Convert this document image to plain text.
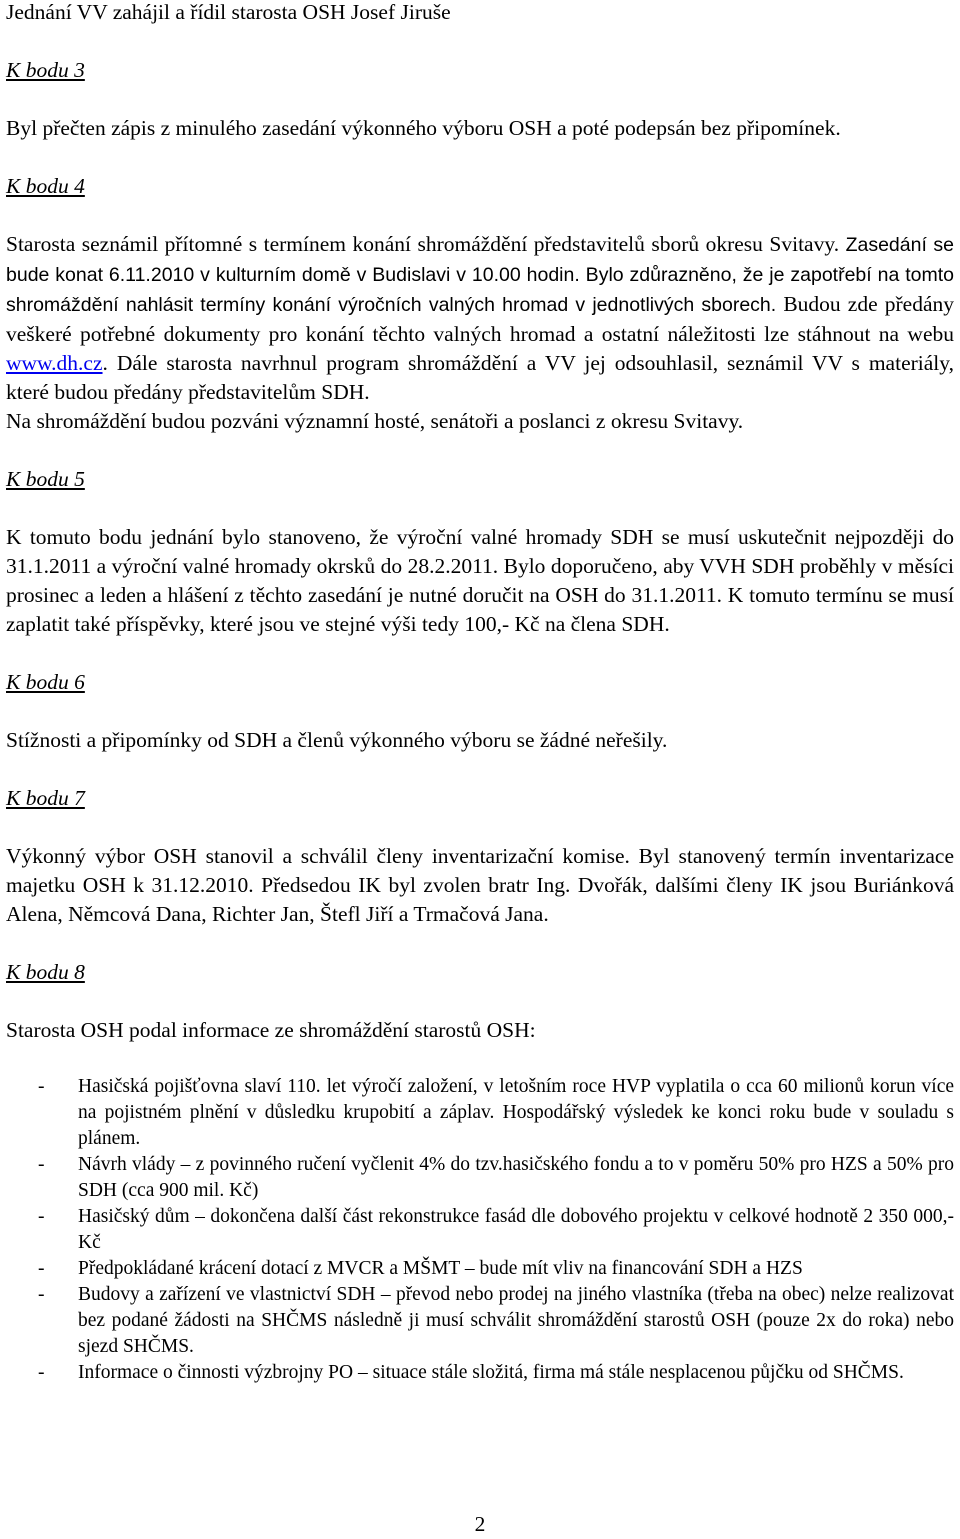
Jednání VV zahájil a řídil starosta OSH Josef Jiruše

K bodu 3

Byl přečten zápis z minulého zasedání výkonného výboru OSH a poté podepsán bez připomínek.

K bodu 4

Starosta seznámil přítomné s termínem konání shromáždění představitelů sborů okresu Svitavy. Zasedání se bude konat 6.11.2010 v kulturním domě v Budislavi v 10.00 hodin. Bylo zdůrazněno, že je zapotřebí na tomto shromáždění nahlásit termíny konání výročních valných hromad v jednotlivých sborech. Budou zde předány veškeré potřebné dokumenty pro konání těchto valných hromad a ostatní náležitosti lze stáhnout na webu www.dh.cz. Dále starosta navrhnul program shromáždění a VV jej odsouhlasil, seznámil VV s materiály, které budou předány představitelům SDH.

Na shromáždění budou pozváni významní hosté, senátoři a poslanci z okresu Svitavy.

K bodu 5

K tomuto bodu jednání bylo stanoveno, že výroční valné hromady SDH se musí uskutečnit nejpozději do 31.1.2011 a výroční valné hromady okrsků do 28.2.2011. Bylo doporučeno, aby VVH SDH proběhly v měsíci prosinec a leden a hlášení z těchto zasedání je nutné doručit na OSH do 31.1.2011. K tomuto termínu se musí zaplatit také příspěvky, které jsou ve stejné výši tedy 100,- Kč na člena SDH.

K bodu 6

Stížnosti a připomínky od SDH a členů výkonného výboru se žádné neřešily.

K bodu 7

Výkonný výbor OSH stanovil a schválil členy inventarizační komise. Byl stanovený termín inventarizace majetku OSH k 31.12.2010. Předsedou IK byl zvolen bratr Ing. Dvořák, dalšími členy IK jsou Buriánková Alena, Němcová Dana, Richter Jan, Štefl Jiří a Trmačová Jana.

K bodu 8

Starosta OSH podal informace ze shromáždění starostů OSH:

- Hasičská pojišťovna slaví 110. let výročí založení, v letošním roce HVP vyplatila o cca 60 milionů korun více na pojistném plnění v důsledku krupobití a záplav. Hospodářský výsledek ke konci roku bude v souladu s plánem.
- Návrh vlády – z povinného ručení vyčlenit 4% do tzv.hasičského fondu a to v poměru 50% pro HZS a 50% pro SDH (cca 900 mil. Kč)
- Hasičský dům – dokončena další část rekonstrukce fasád dle dobového projektu v celkové hodnotě 2 350 000,- Kč
- Předpokládané krácení dotací z MVCR a MŠMT – bude mít vliv na financování SDH a HZS
- Budovy a zařízení ve vlastnictví SDH – převod nebo prodej na jiného vlastníka (třeba na obec) nelze realizovat bez podané žádosti na SHČMS následně ji musí schválit shromáždění starostů OSH (pouze 2x do roka) nebo sjezd SHČMS.
- Informace o činnosti výzbrojny PO – situace stále složitá, firma má stále nesplacenou půjčku od SHČMS.
2
